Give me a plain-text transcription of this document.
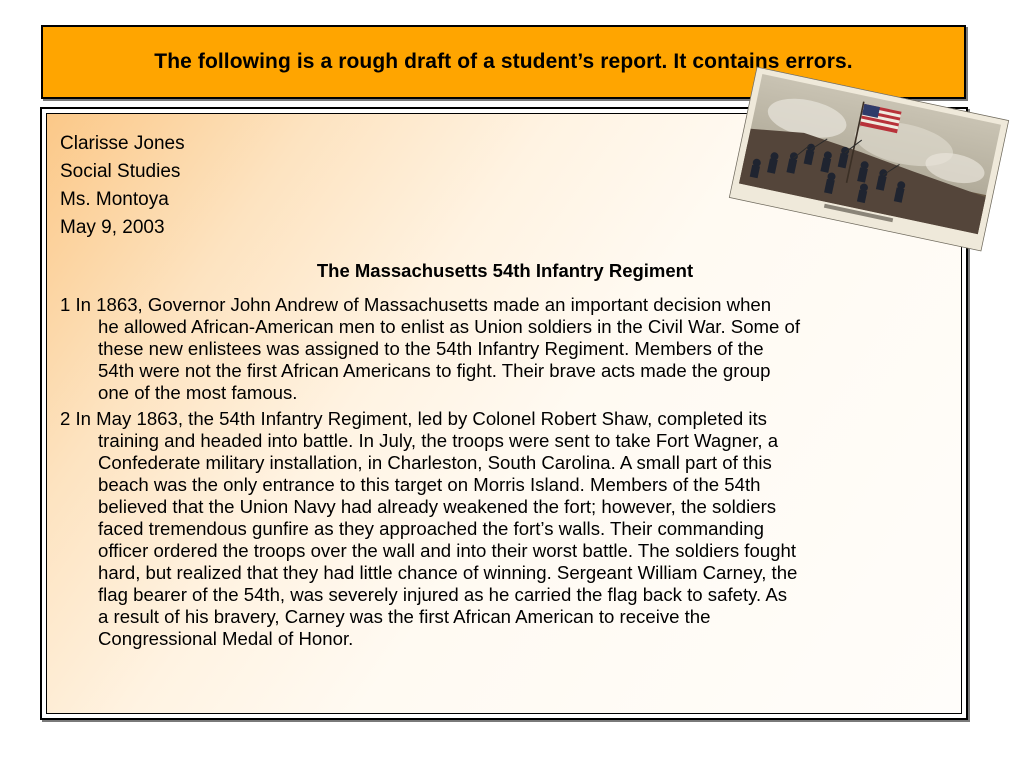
The following is a rough draft of a student’s report. It contains errors.
Clarisse Jones
Social Studies
Ms. Montoya
May 9, 2003
The Massachusetts 54th Infantry Regiment
1 In 1863, Governor John Andrew of Massachusetts made an important decision when
he allowed African-American men to enlist as Union soldiers in the Civil War. Some of
these new enlistees was assigned to the 54th Infantry Regiment. Members of the
54th were not the first African Americans to fight. Their brave acts made the group
one of the most famous.
2 In May 1863, the 54th Infantry Regiment, led by Colonel Robert Shaw, completed its
training and headed into battle. In July, the troops were sent to take Fort Wagner, a
Confederate military installation, in Charleston, South Carolina. A small part of this
beach was the only entrance to this target on Morris Island. Members of the 54th
believed that the Union Navy had already weakened the fort; however, the soldiers
faced tremendous gunfire as they approached the fort’s walls. Their commanding
officer ordered the troops over the wall and into their worst battle. The soldiers fought
hard, but realized that they had little chance of winning. Sergeant William Carney, the
flag bearer of the 54th, was severely injured as he carried the flag back to safety. As
a result of his bravery, Carney was the first African American to receive the
Congressional Medal of Honor.
